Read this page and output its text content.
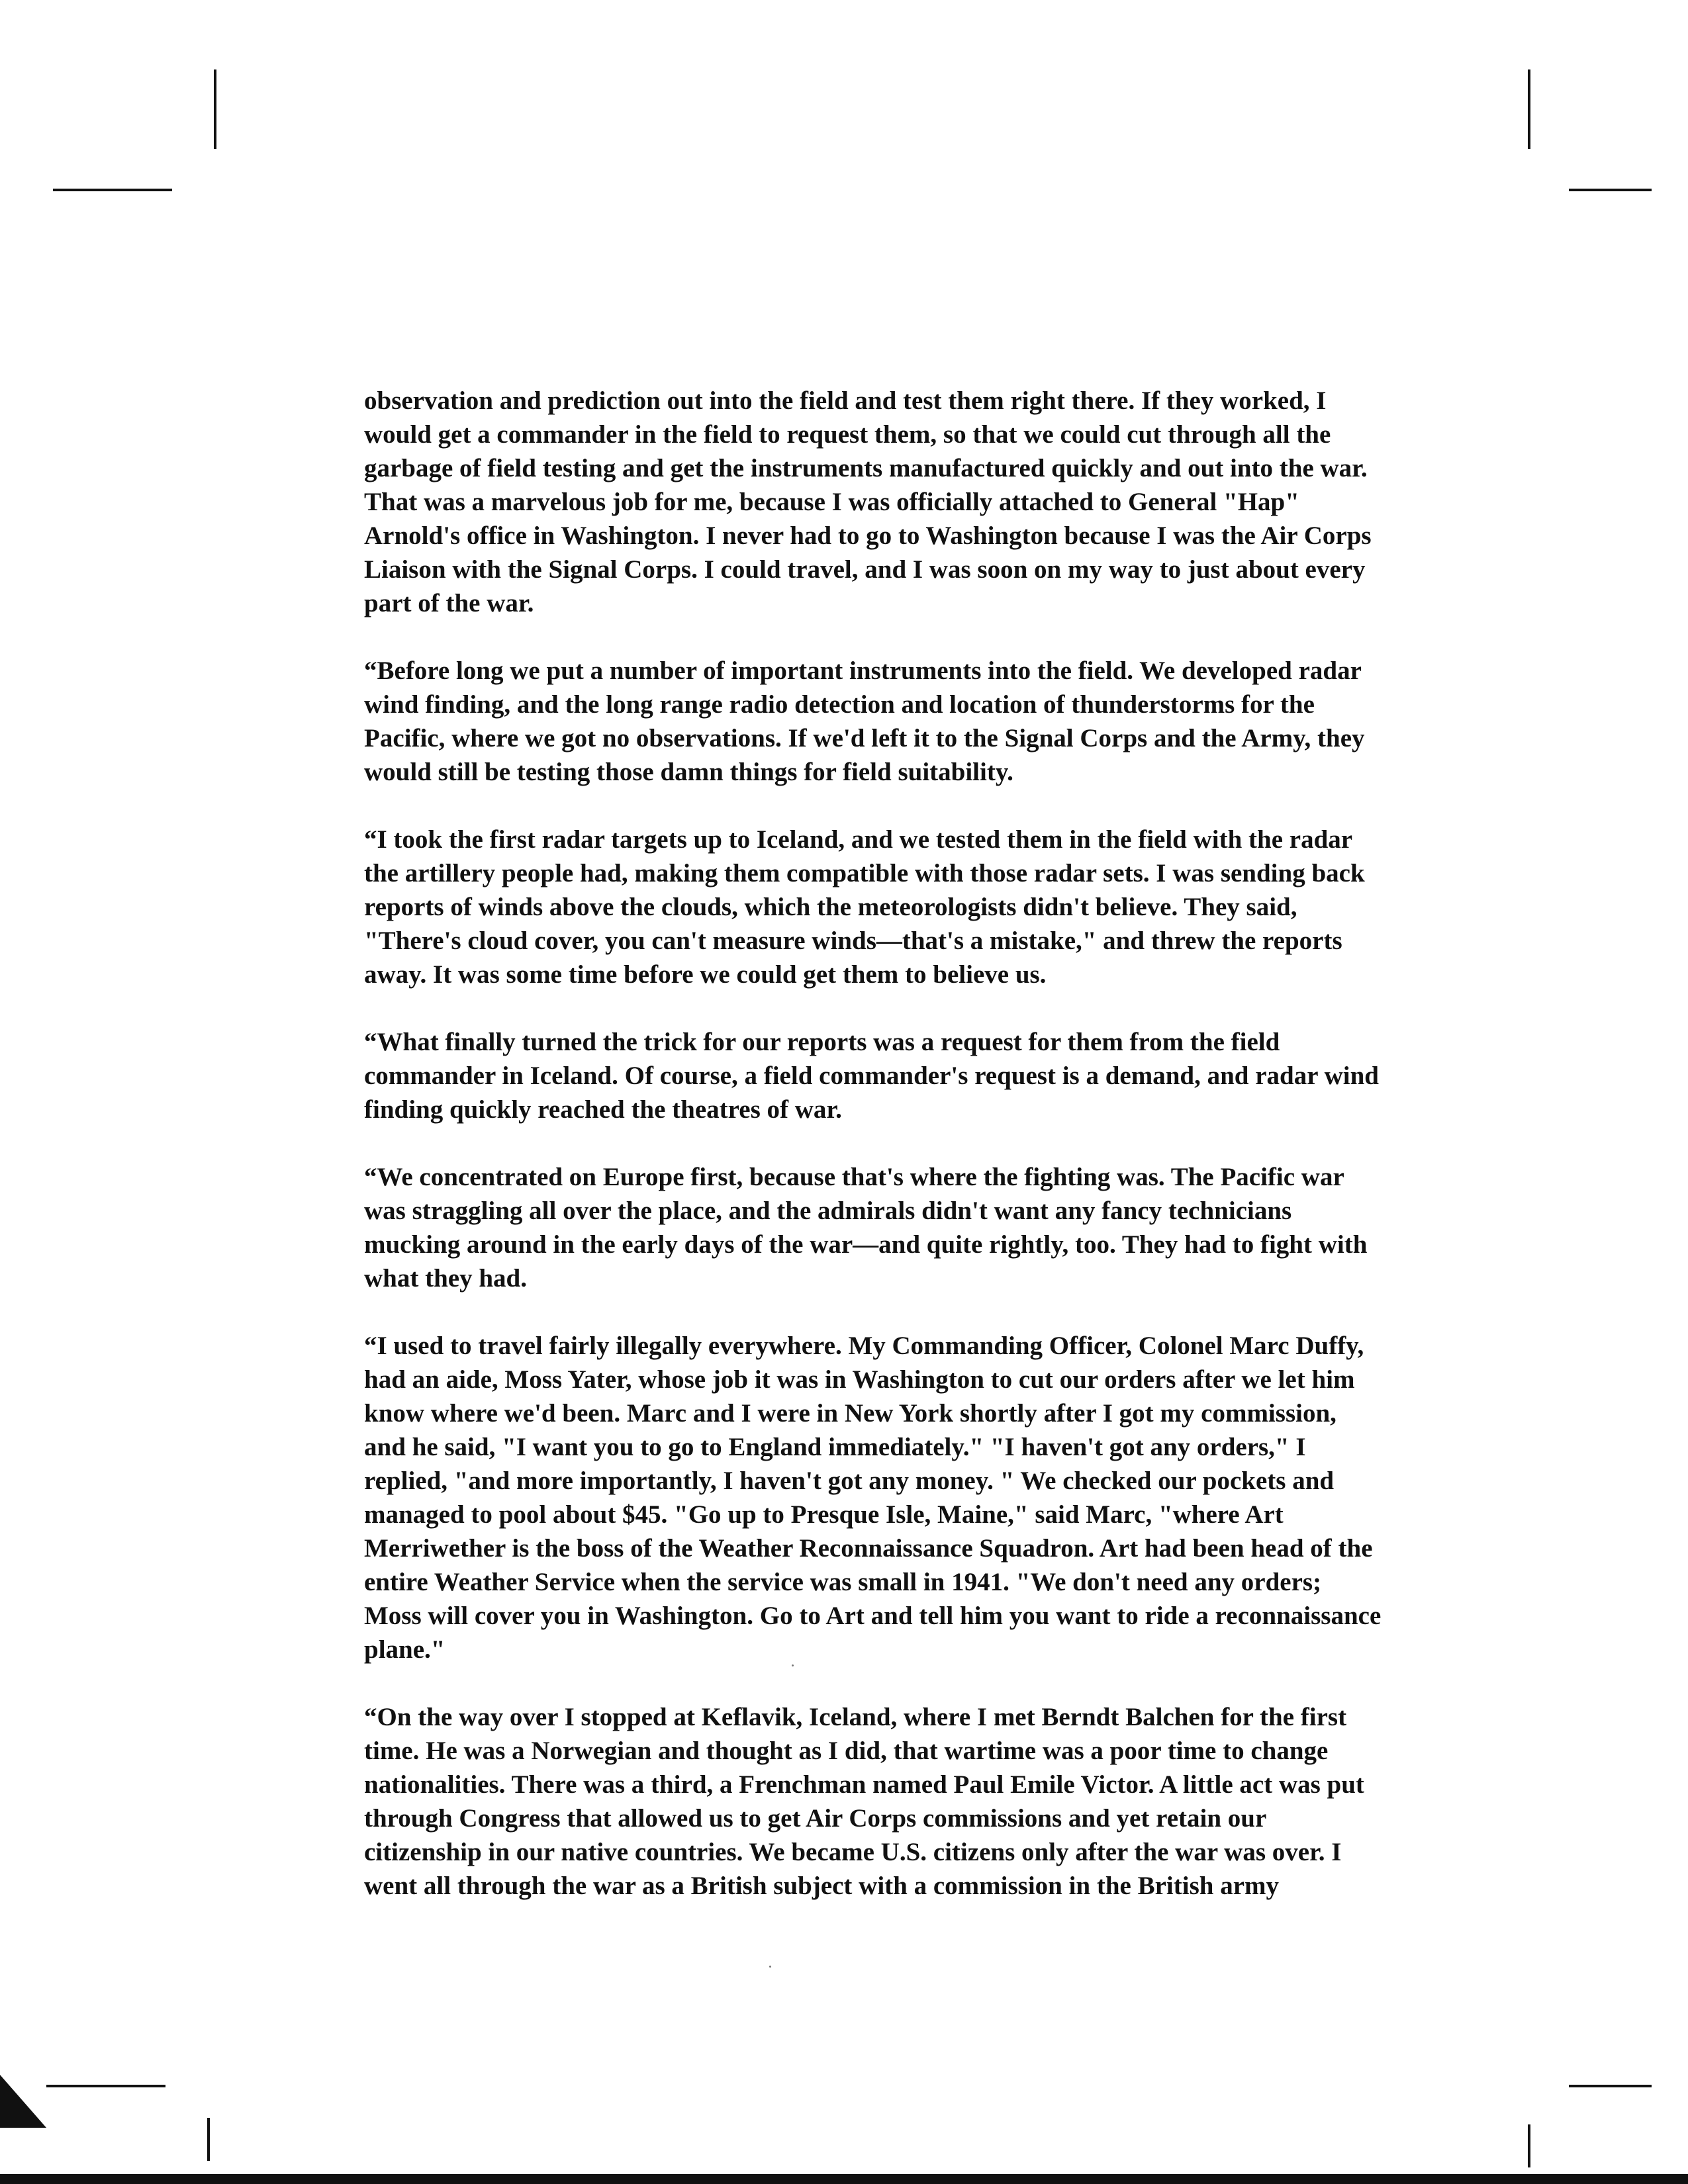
observation and prediction out into the field and test them right there. If they worked, I would get a commander in the field to request them, so that we could cut through all the garbage of field testing and get the instruments manufactured quickly and out into the war. That was a marvelous job for me, because I was officially attached to General "Hap" Arnold's office in Washington. I never had to go to Washington because I was the Air Corps Liaison with the Signal Corps. I could travel, and I was soon on my way to just about every part of the war.

“Before long we put a number of important instruments into the field. We developed radar wind finding, and the long range radio detection and location of thunderstorms for the Pacific, where we got no observations. If we'd left it to the Signal Corps and the Army, they would still be testing those damn things for field suitability.

“I took the first radar targets up to Iceland, and we tested them in the field with the radar the artillery people had, making them compatible with those radar sets. I was sending back reports of winds above the clouds, which the meteorologists didn't believe. They said, "There's cloud cover, you can't measure winds—that's a mistake," and threw the reports away. It was some time before we could get them to believe us.

“What finally turned the trick for our reports was a request for them from the field commander in Iceland. Of course, a field commander's request is a demand, and radar wind finding quickly reached the theatres of war.

“We concentrated on Europe first, because that's where the fighting was. The Pacific war was straggling all over the place, and the admirals didn't want any fancy technicians mucking around in the early days of the war—and quite rightly, too. They had to fight with what they had.

“I used to travel fairly illegally everywhere. My Commanding Officer, Colonel Marc Duffy, had an aide, Moss Yater, whose job it was in Washington to cut our orders after we let him know where we'd been. Marc and I were in New York shortly after I got my commission, and he said, "I want you to go to England immediately." "I haven't got any orders," I replied, "and more importantly, I haven't got any money. " We checked our pockets and managed to pool about $45. "Go up to Presque Isle, Maine," said Marc, "where Art Merriwether is the boss of the Weather Reconnaissance Squadron. Art had been head of the entire Weather Service when the service was small in 1941. "We don't need any orders; Moss will cover you in Washington. Go to Art and tell him you want to ride a reconnaissance plane."

“On the way over I stopped at Keflavik, Iceland, where I met Berndt Balchen for the first time. He was a Norwegian and thought as I did, that wartime was a poor time to change nationalities. There was a third, a Frenchman named Paul Emile Victor. A little act was put through Congress that allowed us to get Air Corps commissions and yet retain our citizenship in our native countries. We became U.S. citizens only after the war was over. I went all through the war as a British subject with a commission in the British army
